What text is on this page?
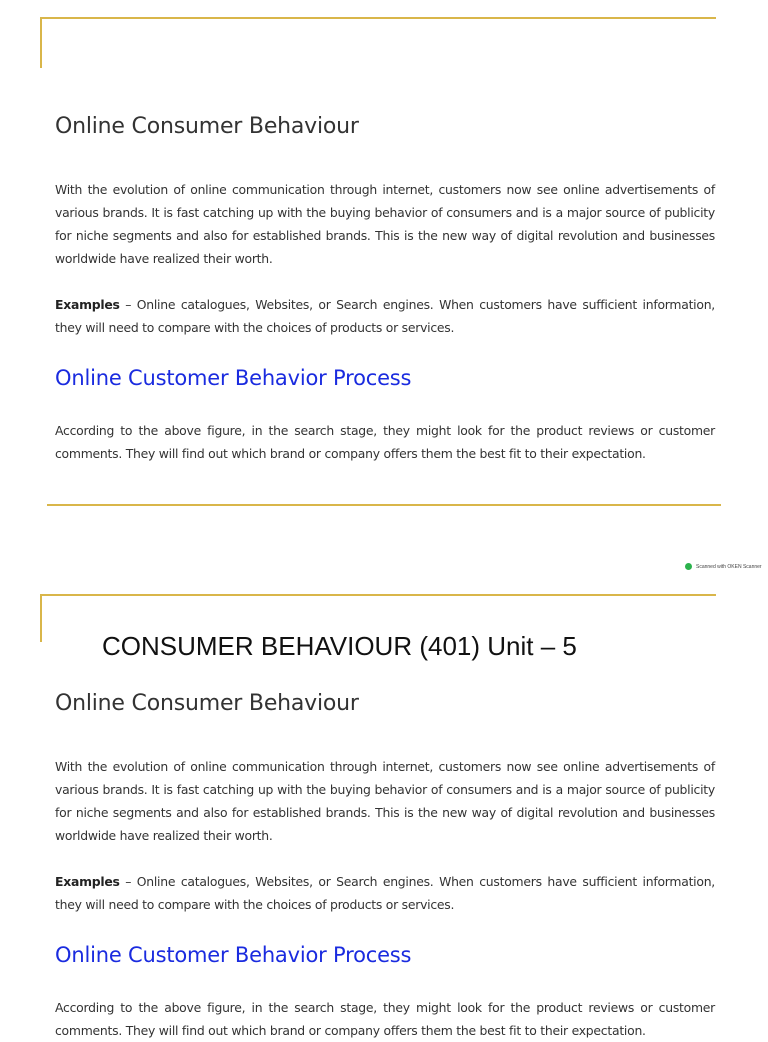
Online Consumer Behaviour

With the evolution of online communication through internet, customers now see online advertisements of various brands. It is fast catching up with the buying behavior of consumers and is a major source of publicity for niche segments and also for established brands. This is the new way of digital revolution and businesses worldwide have realized their worth.

Examples – Online catalogues, Websites, or Search engines. When customers have sufficient information, they will need to compare with the choices of products or services.

Online Customer Behavior Process

According to the above figure, in the search stage, they might look for the product reviews or customer comments. They will find out which brand or company offers them the best fit to their expectation.

Scanned with OKEN Scanner
CONSUMER BEHAVIOUR (401) Unit – 5
Online Consumer Behaviour

With the evolution of online communication through internet, customers now see online advertisements of various brands. It is fast catching up with the buying behavior of consumers and is a major source of publicity for niche segments and also for established brands. This is the new way of digital revolution and businesses worldwide have realized their worth.

Examples – Online catalogues, Websites, or Search engines. When customers have sufficient information, they will need to compare with the choices of products or services.

Online Customer Behavior Process

According to the above figure, in the search stage, they might look for the product reviews or customer comments. They will find out which brand or company offers them the best fit to their expectation.
